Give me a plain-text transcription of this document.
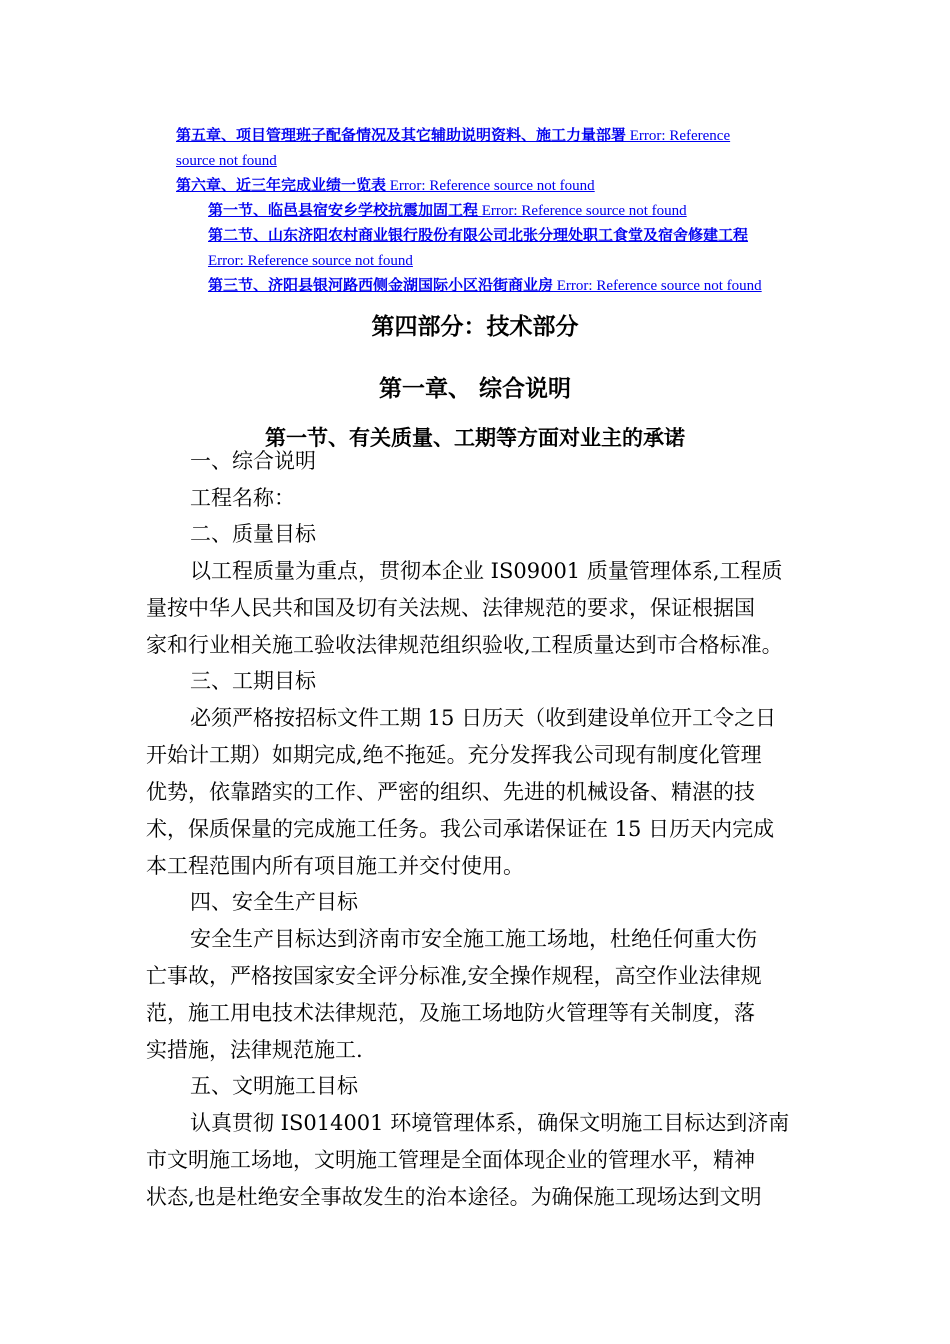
第五章、项目管理班子配备情况及其它辅助说明资料、施工力量部署 Error: Reference
source not found
第六章、近三年完成业绩一览表 Error: Reference source not found
第一节、临邑县宿安乡学校抗震加固工程 Error: Reference source not found
第二节、山东济阳农村商业银行股份有限公司北张分理处职工食堂及宿舍修建工程
Error: Reference source not found
第三节、济阳县银河路西侧金湖国际小区沿街商业房 Error: Reference source not found
第四部分：技术部分
第一章、 综合说明
第一节、有关质量、工期等方面对业主的承诺
一、综合说明
工程名称：
二、质量目标
以工程质量为重点，贯彻本企业 IS09001 质量管理体系,工程质
量按中华人民共和国及切有关法规、法律规范的要求，保证根据国
家和行业相关施工验收法律规范组织验收,工程质量达到市合格标准。
三、工期目标
必须严格按招标文件工期 15 日历天（收到建设单位开工令之日
开始计工期）如期完成,绝不拖延。充分发挥我公司现有制度化管理
优势，依靠踏实的工作、严密的组织、先进的机械设备、精湛的技
术，保质保量的完成施工任务。我公司承诺保证在 15 日历天内完成
本工程范围内所有项目施工并交付使用。
四、安全生产目标
安全生产目标达到济南市安全施工施工场地，杜绝任何重大伤
亡事故，严格按国家安全评分标准,安全操作规程，高空作业法律规
范，施工用电技术法律规范，及施工场地防火管理等有关制度，落
实措施，法律规范施工.
五、文明施工目标
认真贯彻 IS014001 环境管理体系，确保文明施工目标达到济南
市文明施工场地，文明施工管理是全面体现企业的管理水平，精神
状态,也是杜绝安全事故发生的治本途径。为确保施工现场达到文明
